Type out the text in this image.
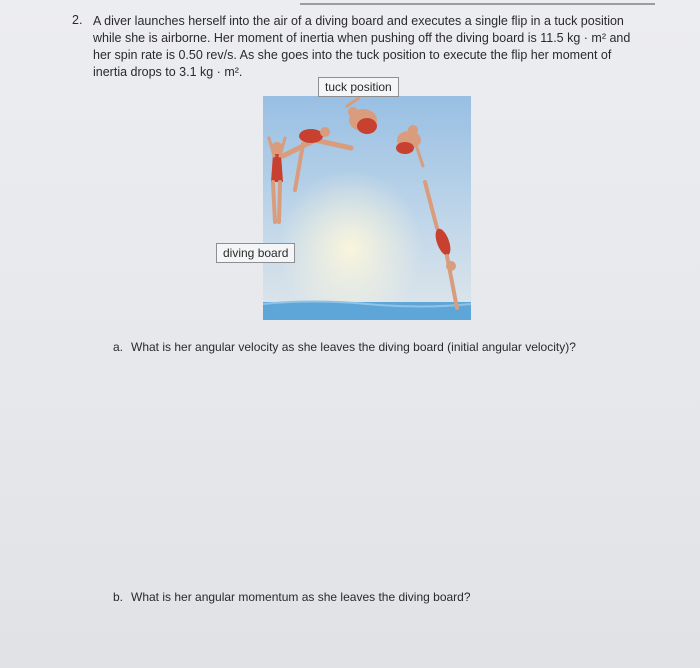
2. A diver launches herself into the air of a diving board and executes a single flip in a tuck position
while she is airborne. Her moment of inertia when pushing off the diving board is 11.5 kg · m² and
her spin rate is 0.50 rev/s. As she goes into the tuck position to execute the flip her moment of
inertia drops to 3.1 kg · m².
tuck position
diving board
a. What is her angular velocity as she leaves the diving board (initial angular velocity)?
b. What is her angular momentum as she leaves the diving board?
